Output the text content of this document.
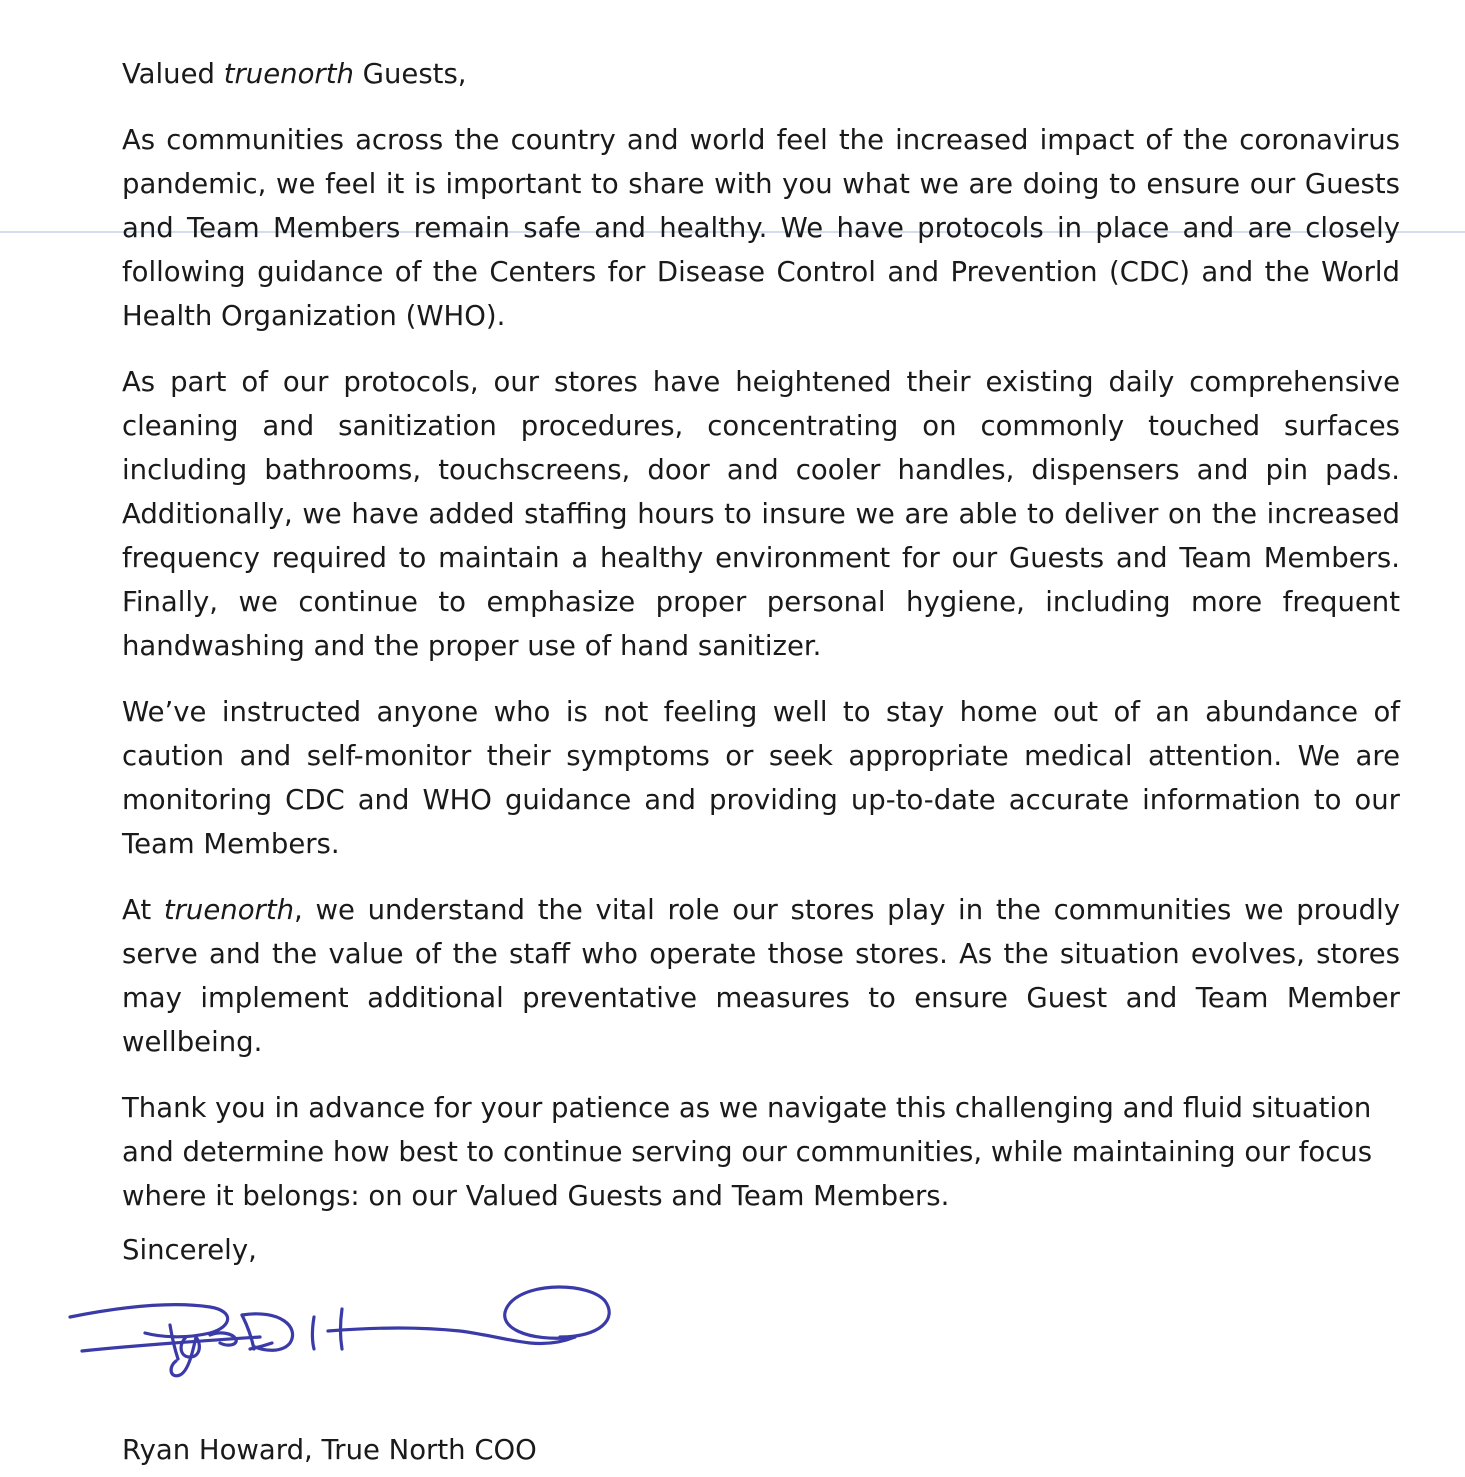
Valued truenorth Guests,

As communities across the country and world feel the increased impact of the coronavirus pandemic, we feel it is important to share with you what we are doing to ensure our Guests and Team Members remain safe and healthy. We have protocols in place and are closely following guidance of the Centers for Disease Control and Prevention (CDC) and the World Health Organization (WHO).

As part of our protocols, our stores have heightened their existing daily comprehensive cleaning and sanitization procedures, concentrating on commonly touched surfaces including bathrooms, touchscreens, door and cooler handles, dispensers and pin pads. Additionally, we have added staffing hours to insure we are able to deliver on the increased frequency required to maintain a healthy environment for our Guests and Team Members. Finally, we continue to emphasize proper personal hygiene, including more frequent handwashing and the proper use of hand sanitizer.

We’ve instructed anyone who is not feeling well to stay home out of an abundance of caution and self-monitor their symptoms or seek appropriate medical attention. We are monitoring CDC and WHO guidance and providing up-to-date accurate information to our Team Members.

At truenorth, we understand the vital role our stores play in the communities we proudly serve and the value of the staff who operate those stores. As the situation evolves, stores may implement additional preventative measures to ensure Guest and Team Member wellbeing.

Thank you in advance for your patience as we navigate this challenging and fluid situation and determine how best to continue serving our communities, while maintaining our focus where it belongs: on our Valued Guests and Team Members.

Sincerely,
Ryan Howard, True North COO
